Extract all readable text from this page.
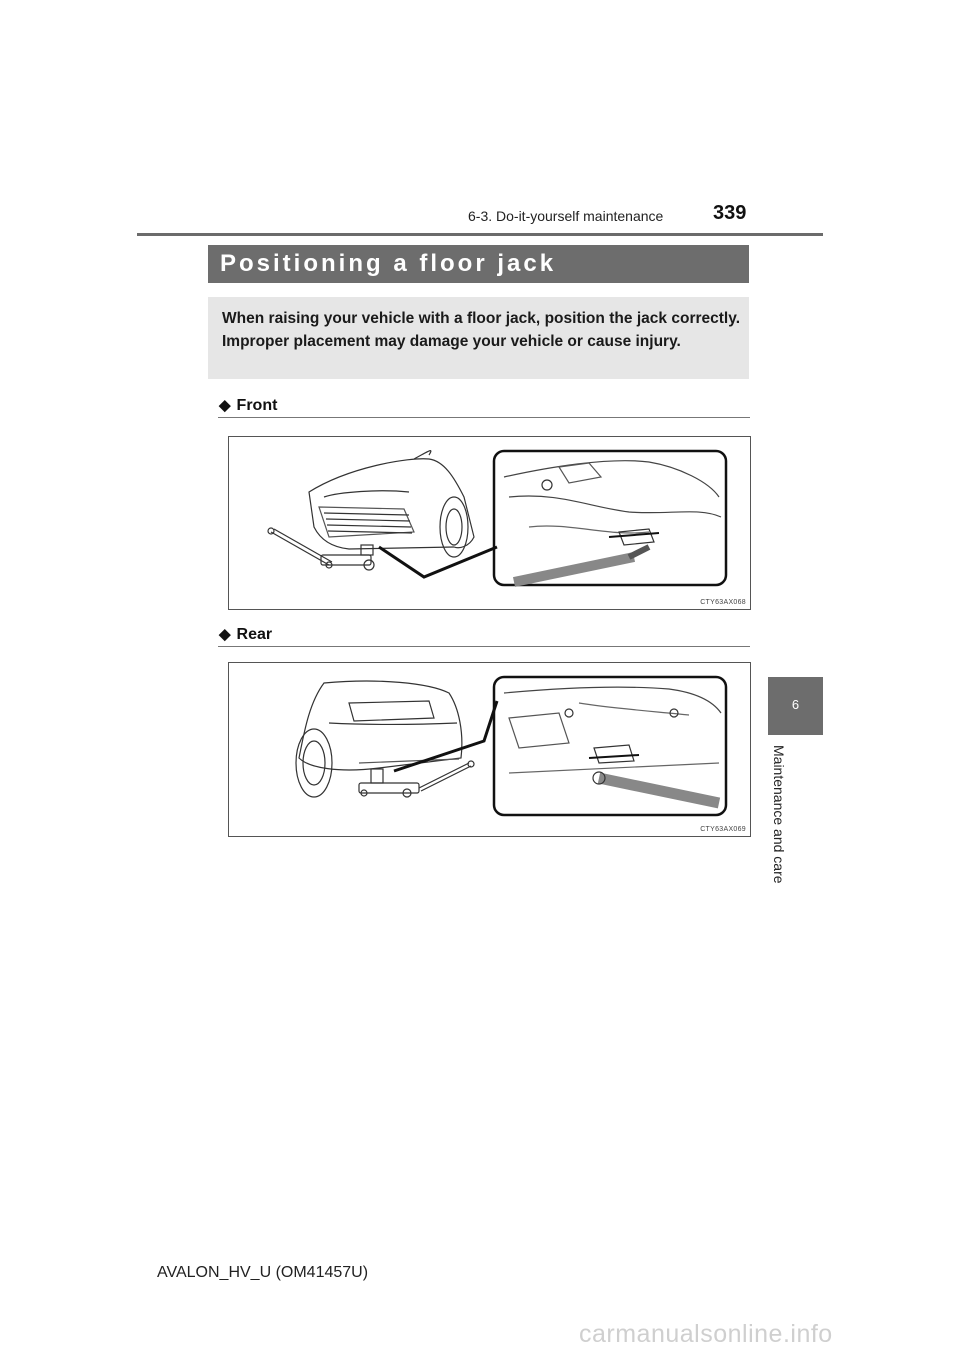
6-3. Do-it-yourself maintenance 339
Positioning a floor jack
When raising your vehicle with a floor jack, position the jack correctly. Improper placement may damage your vehicle or cause injury.
◆ Front
CTY63AX068
◆ Rear
CTY63AX069
6
Maintenance and care
AVALON_HV_U (OM41457U)
carmanualsonline.info
